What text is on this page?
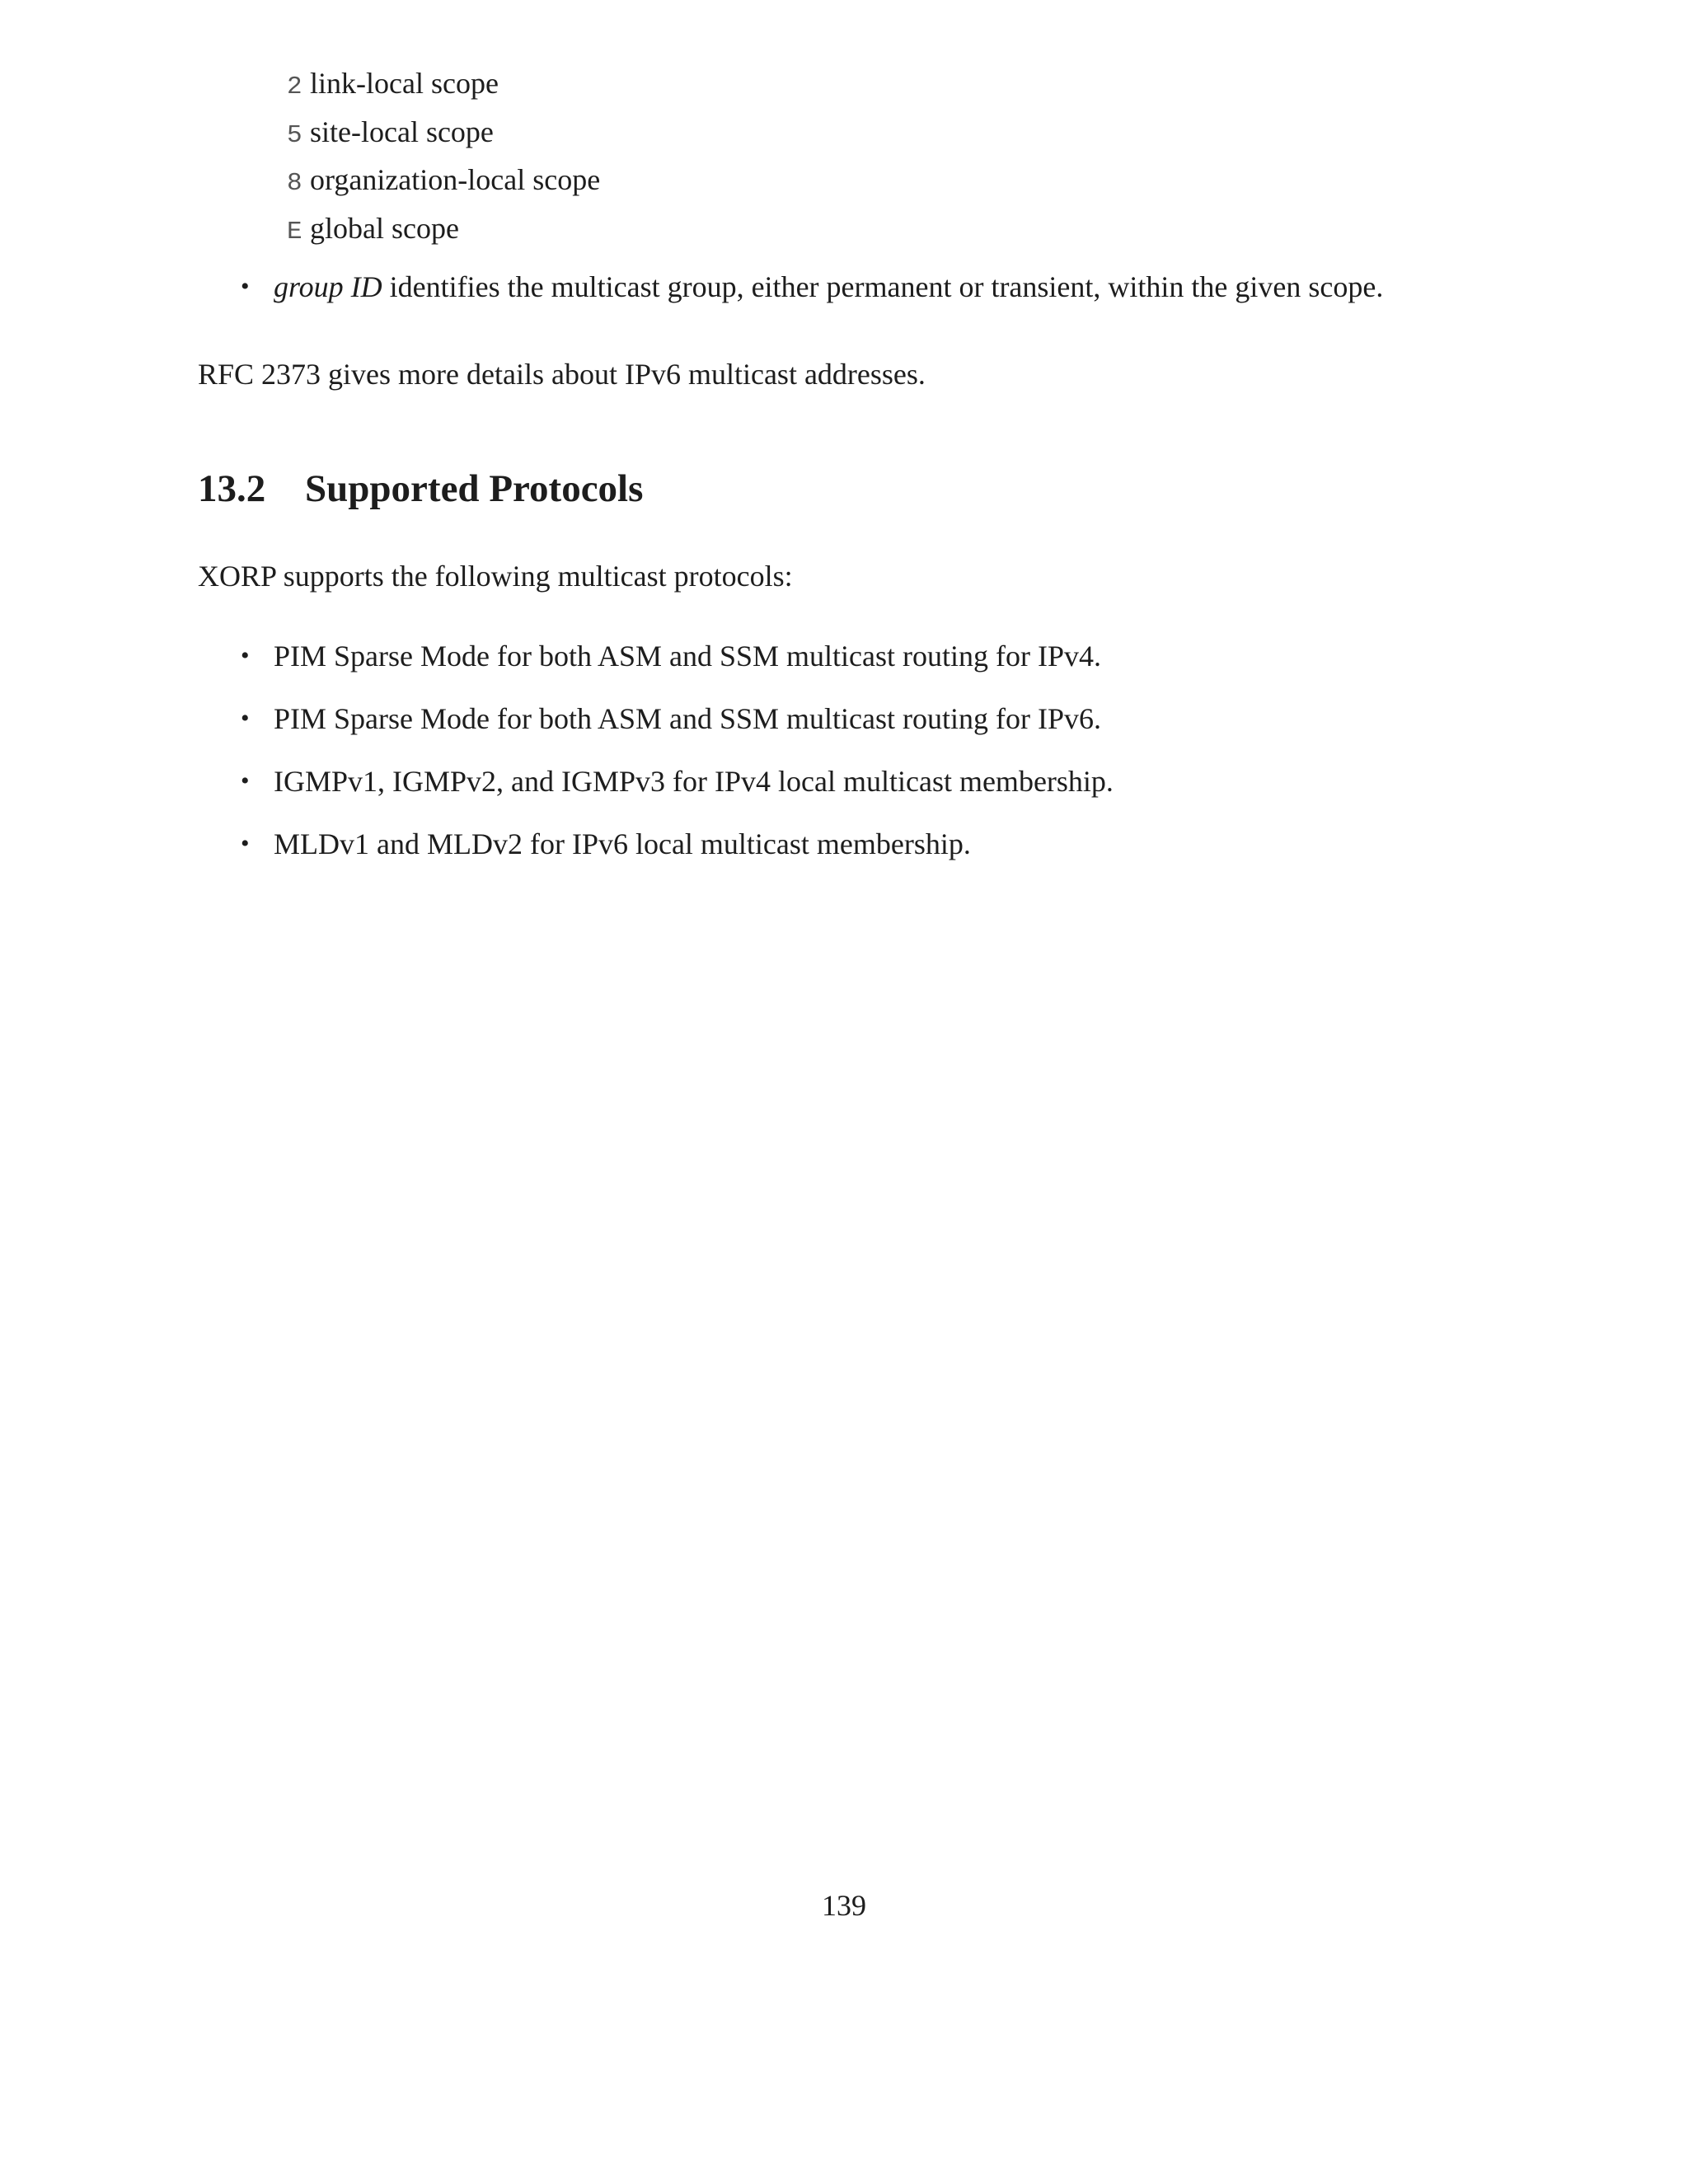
2 link-local scope
5 site-local scope
8 organization-local scope
E global scope
• group ID identifies the multicast group, either permanent or transient, within the given scope.

RFC 2373 gives more details about IPv6 multicast addresses.

13.2 Supported Protocols

XORP supports the following multicast protocols:

• PIM Sparse Mode for both ASM and SSM multicast routing for IPv4.
• PIM Sparse Mode for both ASM and SSM multicast routing for IPv6.
• IGMPv1, IGMPv2, and IGMPv3 for IPv4 local multicast membership.
• MLDv1 and MLDv2 for IPv6 local multicast membership.
139
